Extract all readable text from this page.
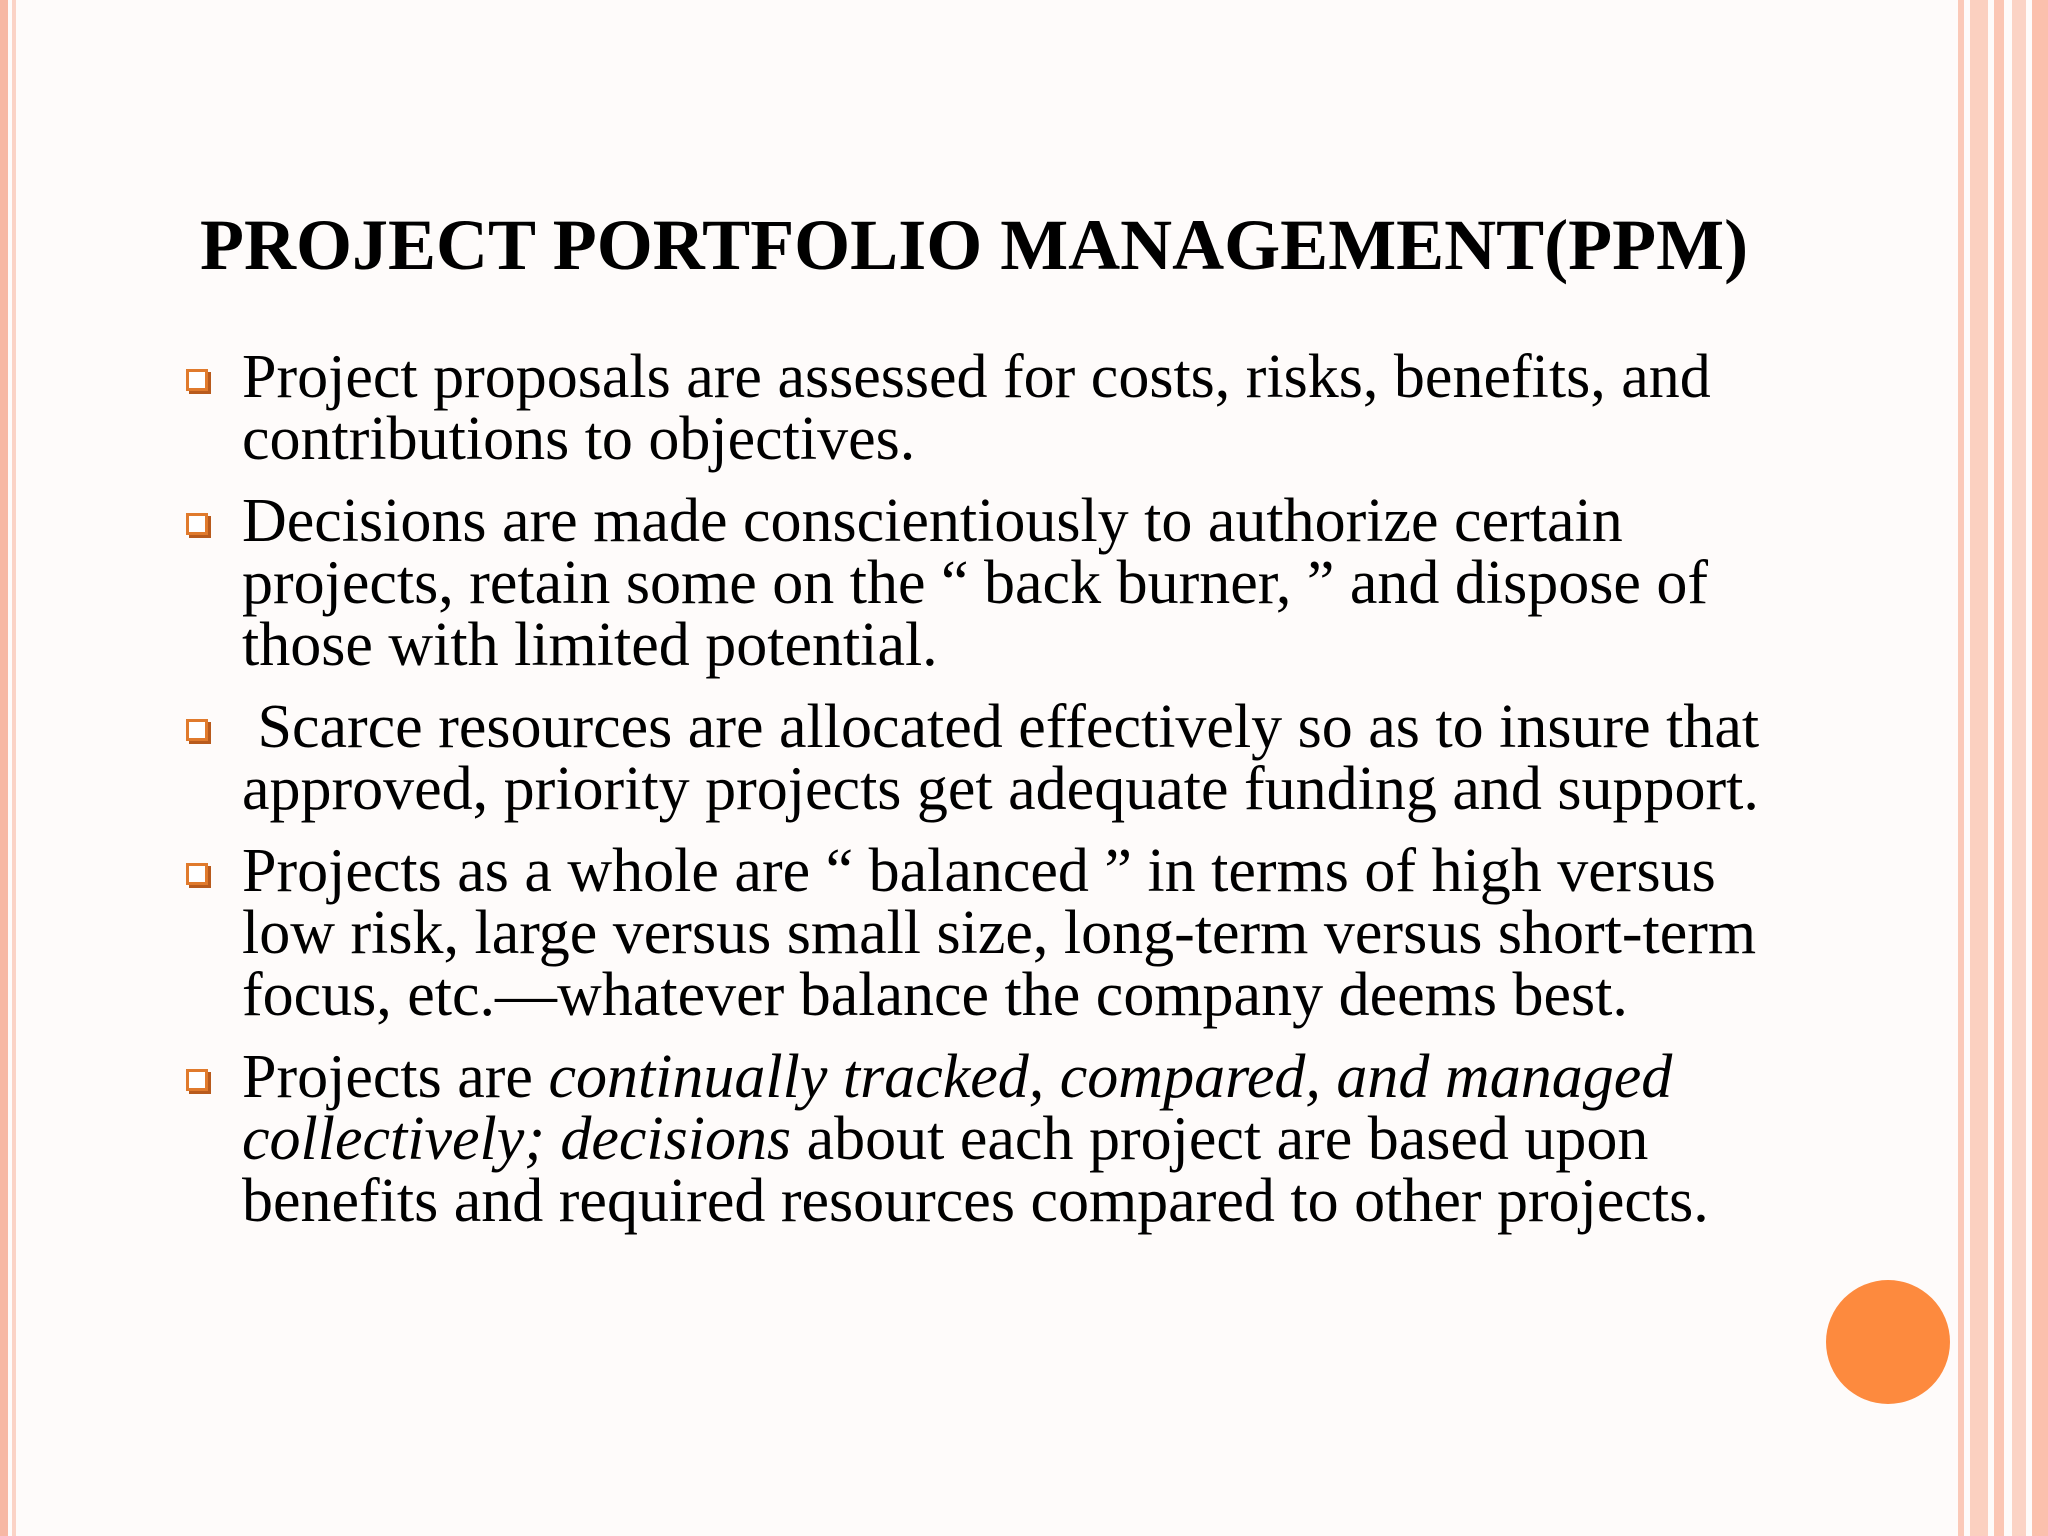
PROJECT PORTFOLIO MANAGEMENT(PPM)
Project proposals are assessed for costs, risks, benefits, and contributions to objectives.
Decisions are made conscientiously to authorize certain projects, retain some on the “ back burner, ” and dispose of those with limited potential.
Scarce resources are allocated effectively so as to insure that approved, priority projects get adequate funding and support.
Projects as a whole are “ balanced ” in terms of high versus low risk, large versus small size, long-term versus short-term focus, etc.—whatever balance the company deems best.
Projects are continually tracked, compared, and managed collectively; decisions about each project are based upon benefits and required resources compared to other projects.
